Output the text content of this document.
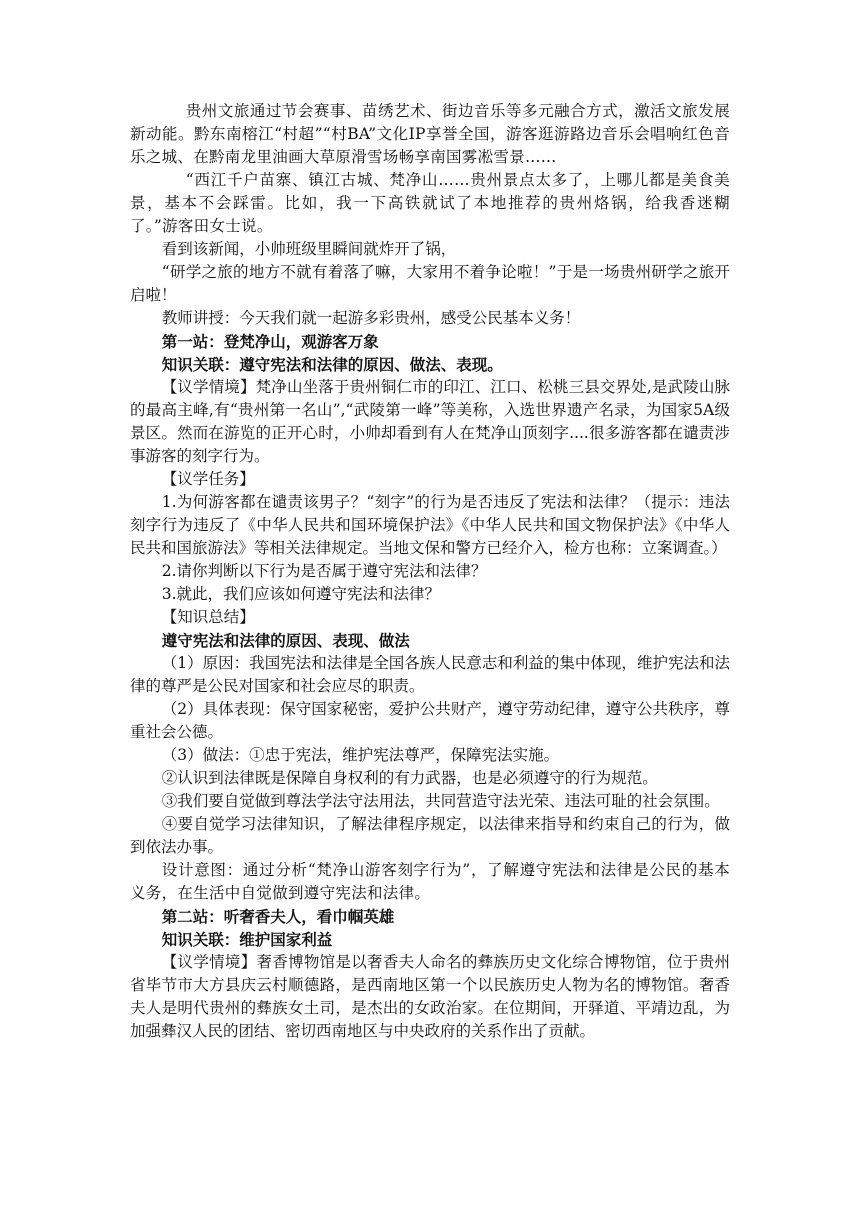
贵州文旅通过节会赛事、苗绣艺术、街边音乐等多元融合方式，激活文旅发展新动能。黔东南榕江“村超”“村BA”文化IP享誉全国，游客逛游路边音乐会唱响红色音乐之城、在黔南龙里油画大草原滑雪场畅享南国雾凇雪景……

“西江千户苗寨、镇江古城、梵净山……贵州景点太多了，上哪儿都是美食美景，基本不会踩雷。比如，我一下高铁就试了本地推荐的贵州烙锅，给我香迷糊了。”游客田女士说。

看到该新闻，小帅班级里瞬间就炸开了锅，

“研学之旅的地方不就有着落了嘛，大家用不着争论啦！”于是一场贵州研学之旅开启啦！

教师讲授：今天我们就一起游多彩贵州，感受公民基本义务！

第一站：登梵净山，观游客万象

知识关联：遵守宪法和法律的原因、做法、表现。

【议学情境】梵净山坐落于贵州铜仁市的印江、江口、松桃三县交界处,是武陵山脉的最高主峰,有“贵州第一名山”,“武陵第一峰”等美称，入选世界遗产名录，为国家5A级景区。然而在游览的正开心时，小帅却看到有人在梵净山顶刻字....很多游客都在谴责涉事游客的刻字行为。

【议学任务】

1.为何游客都在谴责该男子？“刻字”的行为是否违反了宪法和法律？（提示：违法刻字行为违反了《中华人民共和国环境保护法》《中华人民共和国文物保护法》《中华人民共和国旅游法》等相关法律规定。当地文保和警方已经介入，检方也称：立案调查。）

2.请你判断以下行为是否属于遵守宪法和法律？

3.就此，我们应该如何遵守宪法和法律？

【知识总结】

遵守宪法和法律的原因、表现、做法

（1）原因：我国宪法和法律是全国各族人民意志和利益的集中体现，维护宪法和法律的尊严是公民对国家和社会应尽的职责。

（2）具体表现：保守国家秘密，爱护公共财产，遵守劳动纪律，遵守公共秩序，尊重社会公德。

（3）做法：①忠于宪法，维护宪法尊严，保障宪法实施。

②认识到法律既是保障自身权利的有力武器，也是必须遵守的行为规范。

③我们要自觉做到尊法学法守法用法，共同营造守法光荣、违法可耻的社会氛围。

④要自觉学习法律知识，了解法律程序规定，以法律来指导和约束自己的行为，做到依法办事。

设计意图：通过分析“梵净山游客刻字行为”，了解遵守宪法和法律是公民的基本义务，在生活中自觉做到遵守宪法和法律。

第二站：听奢香夫人，看巾帼英雄

知识关联：维护国家利益

【议学情境】奢香博物馆是以奢香夫人命名的彝族历史文化综合博物馆，位于贵州省毕节市大方县庆云村顺德路，是西南地区第一个以民族历史人物为名的博物馆。奢香夫人是明代贵州的彝族女土司，是杰出的女政治家。在位期间，开驿道、平靖边乱，为加强彝汉人民的团结、密切西南地区与中央政府的关系作出了贡献。
